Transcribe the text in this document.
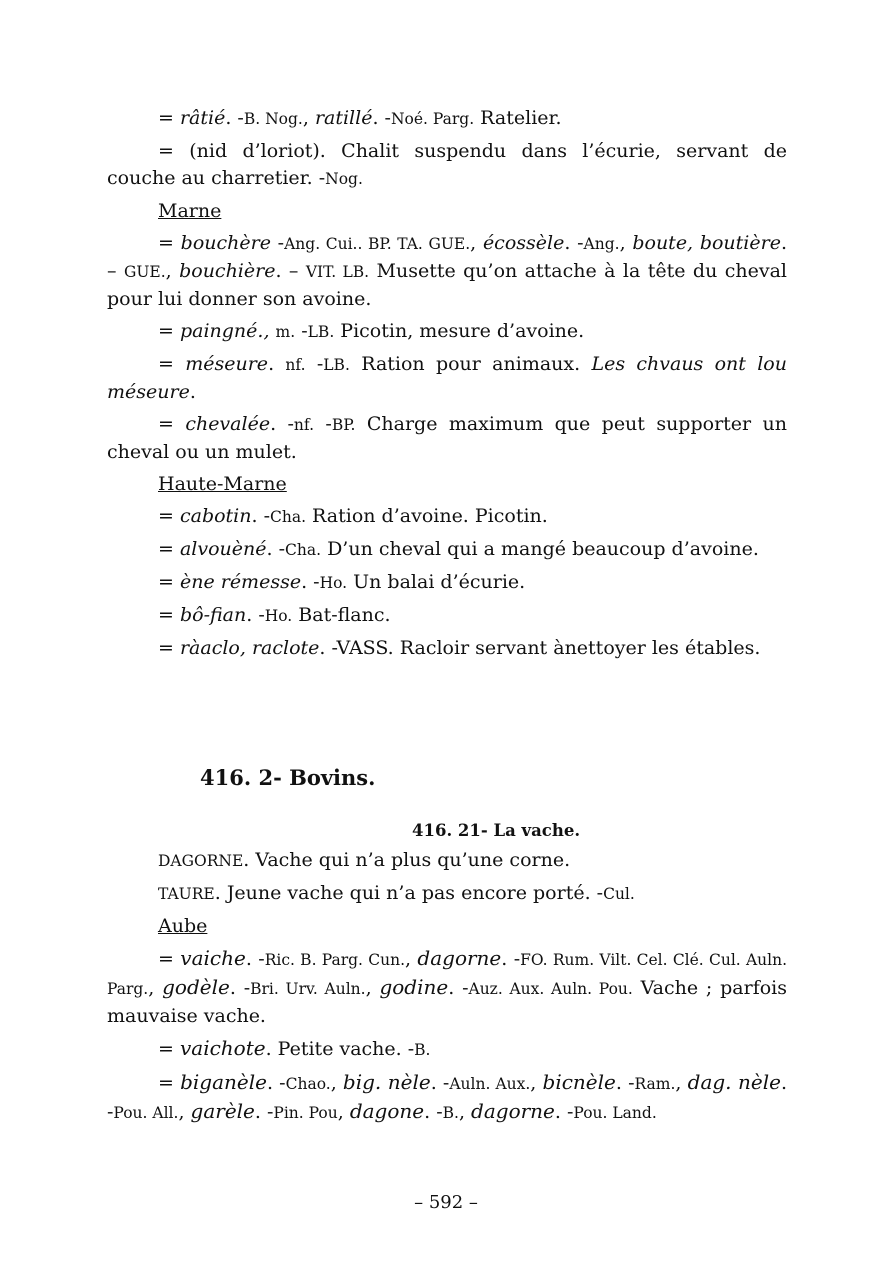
= râtié. -B. Nog., ratillé. -Noé. Parg. Ratelier.

= (nid d’loriot). Chalit suspendu dans l’écurie, servant de couche au charretier. -Nog.

Marne

= bouchère -Ang. Cui.. BP. TA. GUE., écossèle. -Ang., boute, boutière. – GUE., bouchière. – VIT. LB. Musette qu’on attache à la tête du cheval pour lui donner son avoine.

= paingné., m. -LB. Picotin, mesure d’avoine.

= méseure. nf. -LB. Ration pour animaux. Les chvaus ont lou méseure.

= chevalée. -nf. -BP. Charge maximum que peut supporter un cheval ou un mulet.

Haute-Marne

= cabotin. -Cha. Ration d’avoine. Picotin.

= alvouèné. -Cha. D’un cheval qui a mangé beaucoup d’avoine.

= ène rémesse. -Ho. Un balai d’écurie.

= bô-fian. -Ho. Bat-flanc.

= ràaclo, raclote. -VASS. Racloir servant ànettoyer les étables.

416. 2- Bovins.
416. 21- La vache.

DAGORNE. Vache qui n’a plus qu’une corne.

TAURE. Jeune vache qui n’a pas encore porté. -Cul.

Aube

= vaiche. -Ric. B. Parg. Cun., dagorne. -FO. Rum. Vilt. Cel. Clé. Cul. Auln. Parg., godèle. -Bri. Urv. Auln., godine. -Auz. Aux. Auln. Pou. Vache ; parfois mauvaise vache.

= vaichote. Petite vache. -B.

= biganèle. -Chao., big. nèle. -Auln. Aux., bicnèle. -Ram., dag. nèle. -Pou. All., garèle. -Pin. Pou, dagone. -B., dagorne. -Pou. Land.

– 592 –
